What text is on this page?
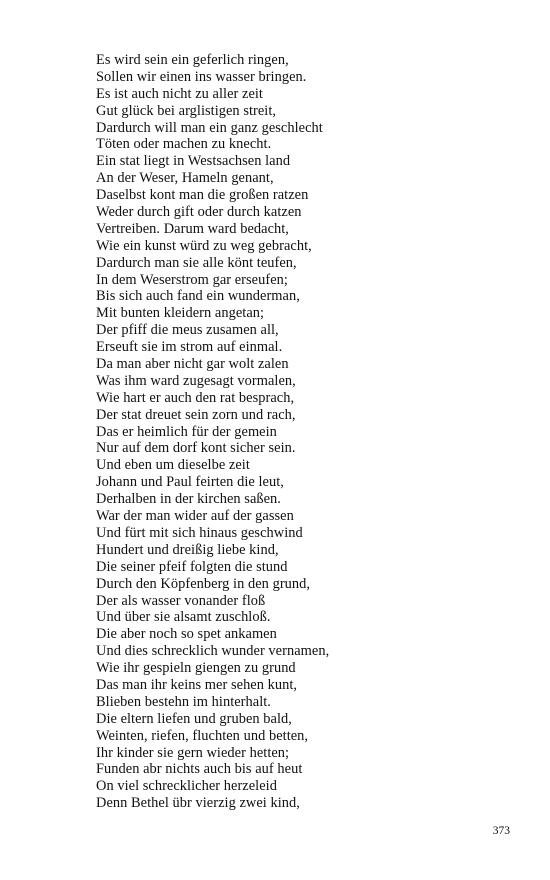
Es wird sein ein geferlich ringen,
Sollen wir einen ins wasser bringen.
Es ist auch nicht zu aller zeit
Gut glück bei arglistigen streit,
Dardurch will man ein ganz geschlecht
Töten oder machen zu knecht.
Ein stat liegt in Westsachsen land
An der Weser, Hameln genant,
Daselbst kont man die großen ratzen
Weder durch gift oder durch katzen
Vertreiben. Darum ward bedacht,
Wie ein kunst würd zu weg gebracht,
Dardurch man sie alle könt teufen,
In dem Weserstrom gar erseufen;
Bis sich auch fand ein wunderman,
Mit bunten kleidern angetan;
Der pfiff die meus zusamen all,
Erseuft sie im strom auf einmal.
Da man aber nicht gar wolt zalen
Was ihm ward zugesagt vormalen,
Wie hart er auch den rat besprach,
Der stat dreuet sein zorn und rach,
Das er heimlich für der gemein
Nur auf dem dorf kont sicher sein.
Und eben um dieselbe zeit
Johann und Paul feirten die leut,
Derhalben in der kirchen saßen.
War der man wider auf der gassen
Und fürt mit sich hinaus geschwind
Hundert und dreißig liebe kind,
Die seiner pfeif folgten die stund
Durch den Köpfenberg in den grund,
Der als wasser vonander floß
Und über sie alsamt zuschloß.
Die aber noch so spet ankamen
Und dies schrecklich wunder vernamen,
Wie ihr gespieln giengen zu grund
Das man ihr keins mer sehen kunt,
Blieben bestehn im hinterhalt.
Die eltern liefen und gruben bald,
Weinten, riefen, fluchten und betten,
Ihr kinder sie gern wieder hetten;
Funden abr nichts auch bis auf heut
On viel schrecklicher herzeleid
Denn Bethel übr vierzig zwei kind,
373
